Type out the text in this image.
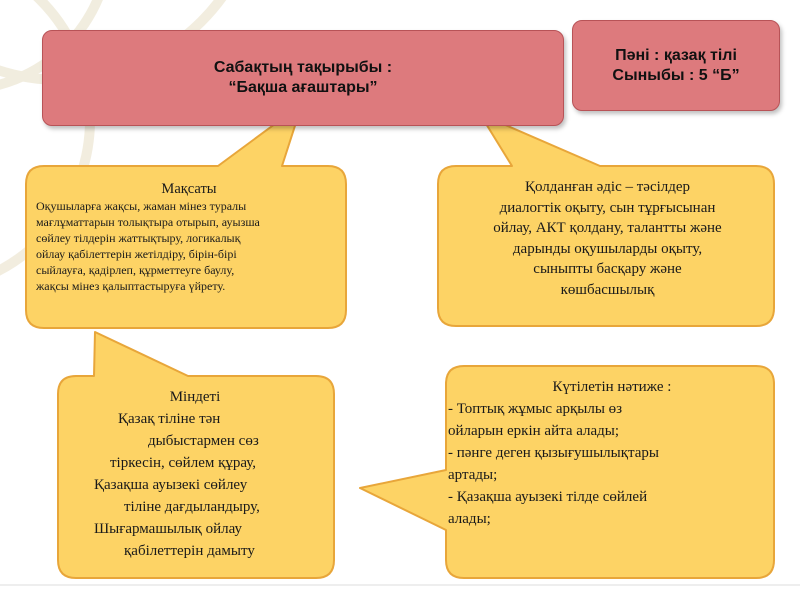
Сабақтың тақырыбы :
“Бақша ағаштары”
Пәні : қазақ тілі
Сыныбы : 5 “Б”
Мақсаты
Оқушыларға жақсы, жаман мінез туралы
мағлұматтарын толықтыра отырып, ауызша
сөйлеу тілдерін жаттықтыру, логикалық
ойлау қабілеттерін жетілдіру, бірін-бірі
сыйлауға, қадірлеп, құрметтеуге баулу,
жақсы мінез қалыптастыруға үйрету.
Қолданған әдіс – тәсілдер
диалогтік оқыту, сын тұрғысынан
ойлау, АКТ қолдану, талантты және
дарынды оқушыларды оқыту,
сыныпты басқару және
көшбасшылық
Міндеті
Қазақ тіліне тән
дыбыстармен сөз
тіркесін, сөйлем құрау,
Қазақша ауызекі сөйлеу
тіліне дағдыландыру,
Шығармашылық ойлау
қабілеттерін дамыту
Күтілетін нәтиже :
- Топтық жұмыс арқылы өз
ойларын еркін айта алады;
- пәнге деген қызығушылықтары
артады;
- Қазақша ауызекі тілде сөйлей
алады;
